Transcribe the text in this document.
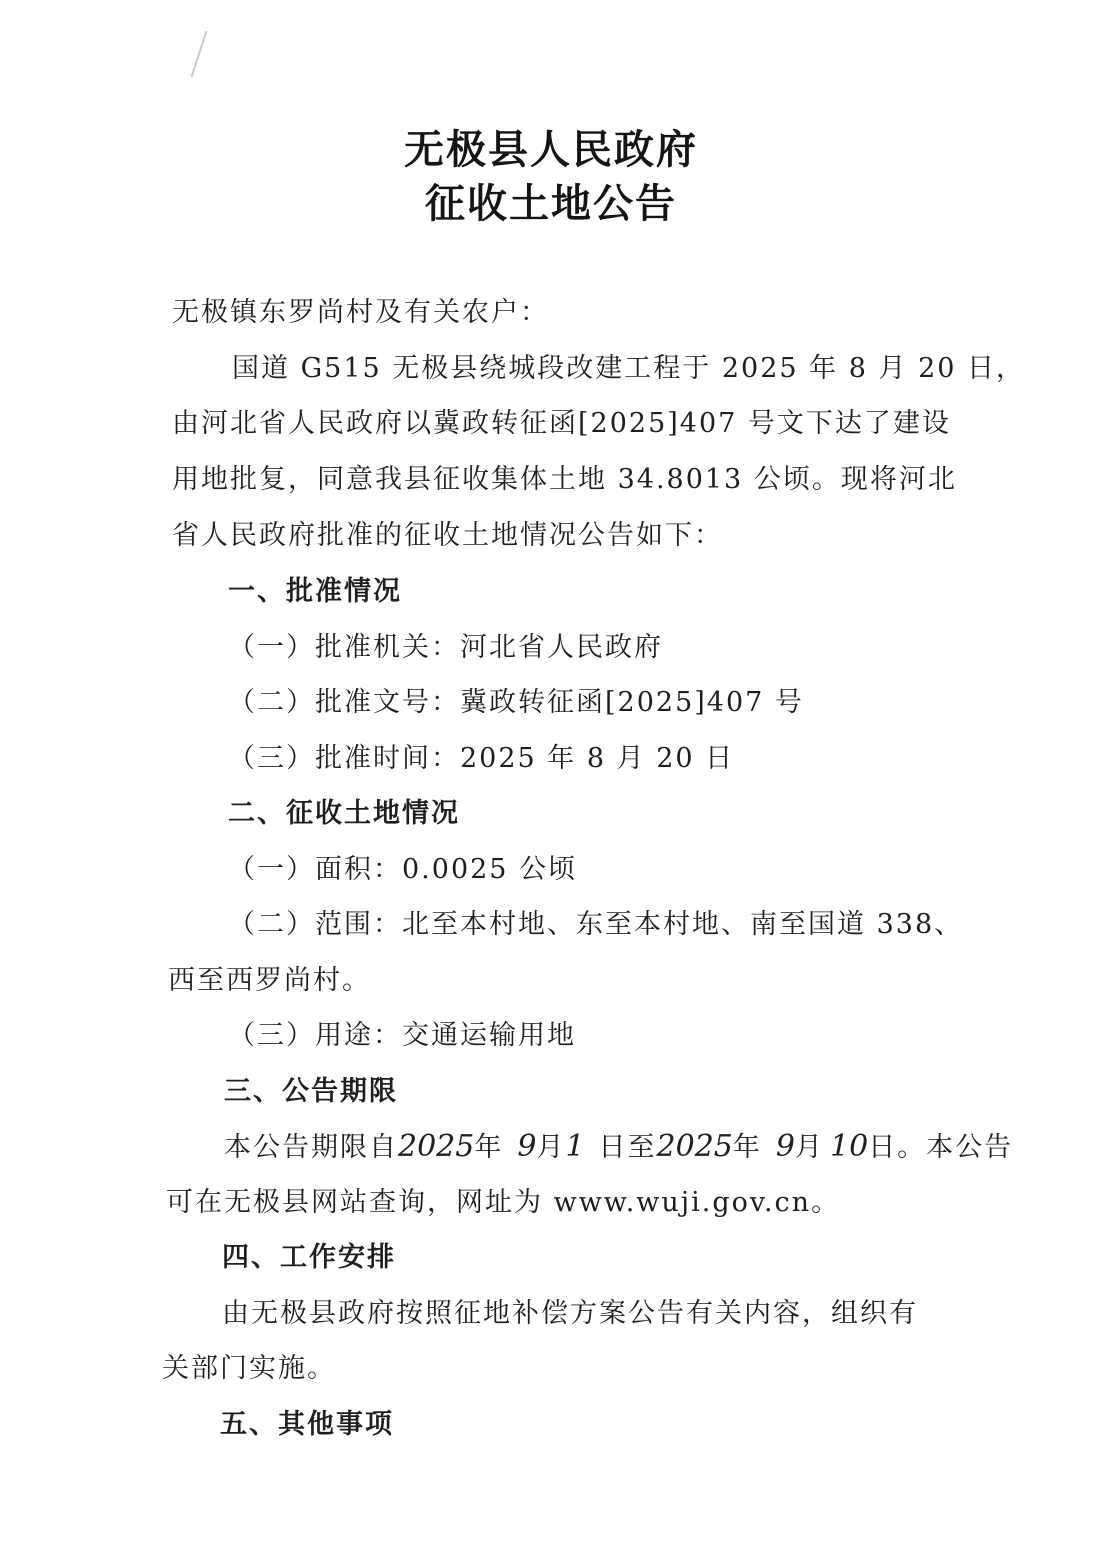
无极县人民政府
征收土地公告
无极镇东罗尚村及有关农户：
国道 G515 无极县绕城段改建工程于 2025 年 8 月 20 日，
由河北省人民政府以冀政转征函[2025]407 号文下达了建设
用地批复，同意我县征收集体土地 34.8013 公顷。现将河北
省人民政府批准的征收土地情况公告如下：
一、批准情况
（一）批准机关：河北省人民政府
（二）批准文号：冀政转征函[2025]407 号
（三）批准时间：2025 年 8 月 20 日
二、征收土地情况
（一）面积：0.0025 公顷
（二）范围：北至本村地、东至本村地、南至国道 338、
西至西罗尚村。
（三）用途：交通运输用地
三、公告期限
本公告期限自2025年 9月1 日至2025年 9月 10日。本公告
可在无极县网站查询，网址为 www.wuji.gov.cn。
四、工作安排
由无极县政府按照征地补偿方案公告有关内容，组织有
关部门实施。
五、其他事项
